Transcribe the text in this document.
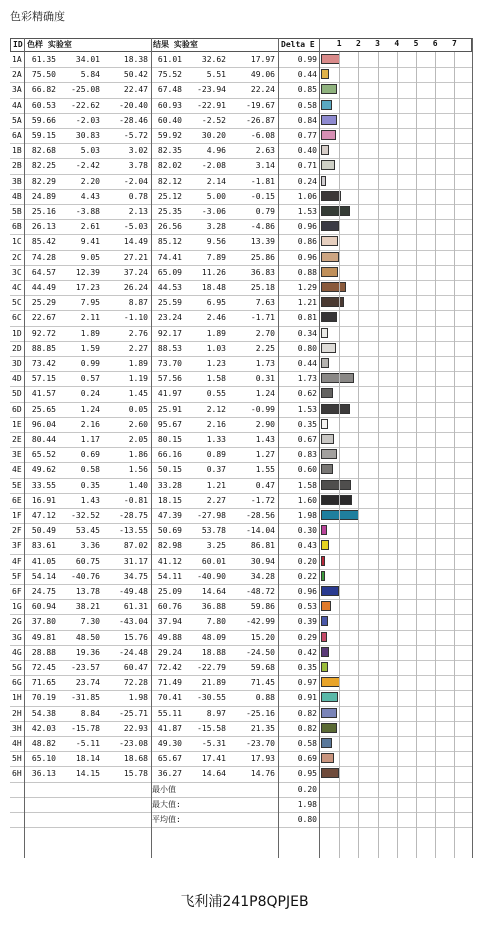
色彩精确度
ID 色样 实验室	结果 实验室	Delta E	1	2	3	4	5	6	7
1A	61.35	34.01	18.38	61.01	32.62	17.97	0.99
2A	75.50	5.84	50.42	75.52	5.51	49.06	0.44
3A	66.82	-25.08	22.47	67.48	-23.94	22.24	0.85
4A	60.53	-22.62	-20.40	60.93	-22.91	-19.67	0.58
5A	59.66	-2.03	-28.46	60.40	-2.52	-26.87	0.84
6A	59.15	30.83	-5.72	59.92	30.20	-6.08	0.77
1B	82.68	5.03	3.02	82.35	4.96	2.63	0.40
2B	82.25	-2.42	3.78	82.02	-2.08	3.14	0.71
3B	82.29	2.20	-2.04	82.12	2.14	-1.81	0.24
4B	24.89	4.43	0.78	25.12	5.00	-0.15	1.06
5B	25.16	-3.88	2.13	25.35	-3.06	0.79	1.53
6B	26.13	2.61	-5.03	26.56	3.28	-4.86	0.96
1C	85.42	9.41	14.49	85.12	9.56	13.39	0.86
2C	74.28	9.05	27.21	74.41	7.89	25.86	0.96
3C	64.57	12.39	37.24	65.09	11.26	36.83	0.88
4C	44.49	17.23	26.24	44.53	18.48	25.18	1.29
5C	25.29	7.95	8.87	25.59	6.95	7.63	1.21
6C	22.67	2.11	-1.10	23.24	2.46	-1.71	0.81
1D	92.72	1.89	2.76	92.17	1.89	2.70	0.34
2D	88.85	1.59	2.27	88.53	1.03	2.25	0.80
3D	73.42	0.99	1.89	73.70	1.23	1.73	0.44
4D	57.15	0.57	1.19	57.56	1.58	0.31	1.73
5D	41.57	0.24	1.45	41.97	0.55	1.24	0.62
6D	25.65	1.24	0.05	25.91	2.12	-0.99	1.53
1E	96.04	2.16	2.60	95.67	2.16	2.90	0.35
2E	80.44	1.17	2.05	80.15	1.33	1.43	0.67
3E	65.52	0.69	1.86	66.16	0.89	1.27	0.83
4E	49.62	0.58	1.56	50.15	0.37	1.55	0.60
5E	33.55	0.35	1.40	33.28	1.21	0.47	1.58
6E	16.91	1.43	-0.81	18.15	2.27	-1.72	1.60
1F	47.12	-32.52	-28.75	47.39	-27.98	-28.56	1.98
2F	50.49	53.45	-13.55	50.69	53.78	-14.04	0.30
3F	83.61	3.36	87.02	82.98	3.25	86.81	0.43
4F	41.05	60.75	31.17	41.12	60.01	30.94	0.20
5F	54.14	-40.76	34.75	54.11	-40.90	34.28	0.22
6F	24.75	13.78	-49.48	25.09	14.64	-48.72	0.96
1G	60.94	38.21	61.31	60.76	36.88	59.86	0.53
2G	37.80	7.30	-43.04	37.94	7.80	-42.99	0.39
3G	49.81	48.50	15.76	49.88	48.09	15.20	0.29
4G	28.88	19.36	-24.48	29.24	18.88	-24.50	0.42
5G	72.45	-23.57	60.47	72.42	-22.79	59.68	0.35
6G	71.65	23.74	72.28	71.49	21.89	71.45	0.97
1H	70.19	-31.85	1.98	70.41	-30.55	0.88	0.91
2H	54.38	8.84	-25.71	55.11	8.97	-25.16	0.82
3H	42.03	-15.78	22.93	41.87	-15.58	21.35	0.82
4H	48.82	-5.11	-23.08	49.30	-5.31	-23.70	0.58
5H	65.10	18.14	18.68	65.67	17.41	17.93	0.69
6H	36.13	14.15	15.78	36.27	14.64	14.76	0.95
最小值	0.20
最大值:	1.98
平均值:	0.80
飞利浦241P8QPJEB
